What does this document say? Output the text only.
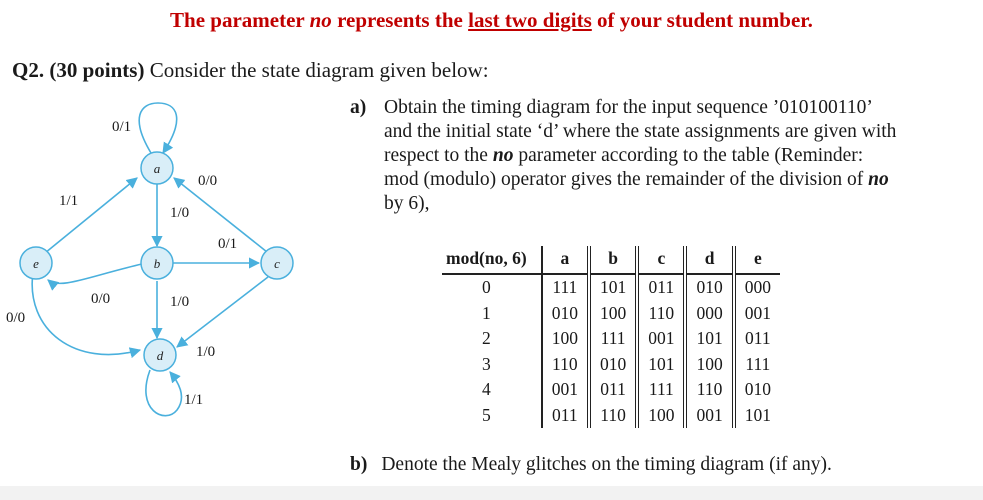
The parameter no represents the last two digits of your student number.
Q2. (30 points) Consider the state diagram given below:
a
b	c
d
e
0/1
1/1
0/0
1/0
0/1
0/0
0/0
1/0
1/0
1/1
a) Obtain the timing diagram for the input sequence ’010100110’
and the initial state ‘d’ where the state assignments are given with
respect to the no parameter according to the table (Reminder:
mod (modulo) operator gives the remainder of the division of no
by 6),
mod(no, 6)	a	b	c	d	e
0	111	101	011	010	000
1	010	100	110	000	001
2	100	111	001	101	011
3	110	010	101	100	111
4	001	011	111	110	010
5	011	110	100	001	101
b) Denote the Mealy glitches on the timing diagram (if any).
